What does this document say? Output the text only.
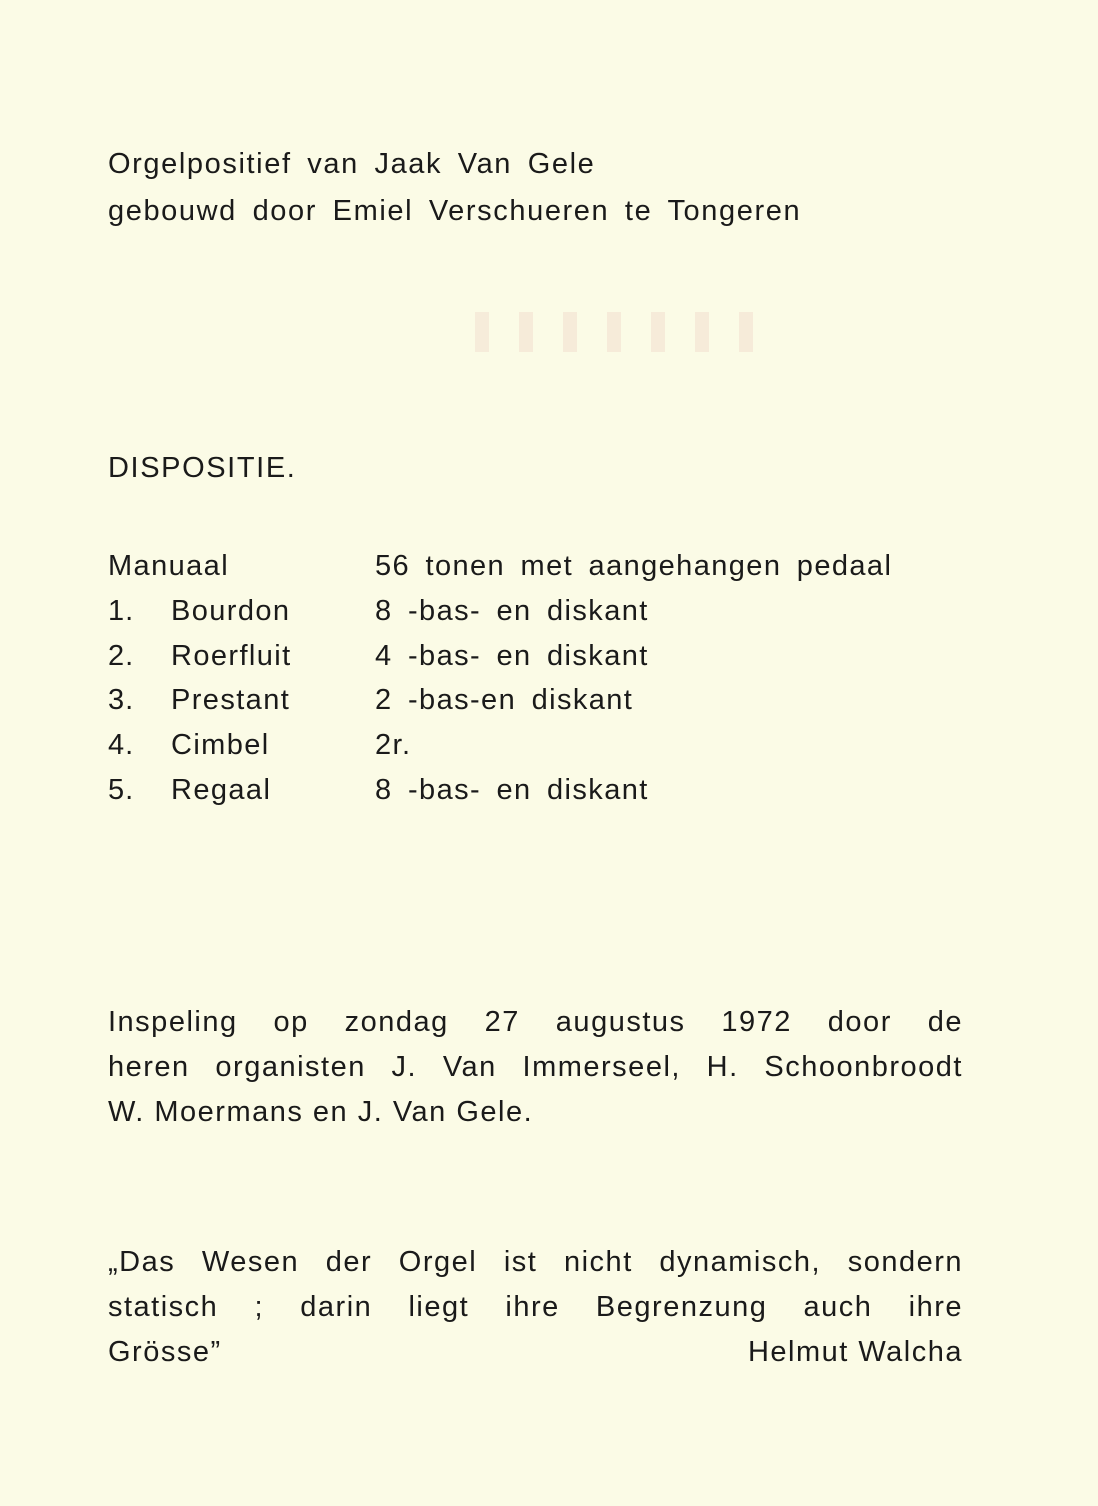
Orgelpositief van Jaak Van Gele
gebouwd door Emiel Verschueren te Tongeren
DISPOSITIE.
Manuaal	56 tonen met aangehangen pedaal
1. Bourdon	8 -bas- en diskant
2. Roerfluit	4 -bas- en diskant
3. Prestant	2 -bas-en diskant
4. Cimbel	2r.
5. Regaal	8 -bas- en diskant
Inspeling op zondag 27 augustus 1972 door de
heren organisten J. Van Immerseel, H. Schoonbroodt
W. Moermans en J. Van Gele.
„Das Wesen der Orgel ist nicht dynamisch, sondern
statisch ; darin liegt ihre Begrenzung auch ihre
Grösse”	Helmut Walcha
